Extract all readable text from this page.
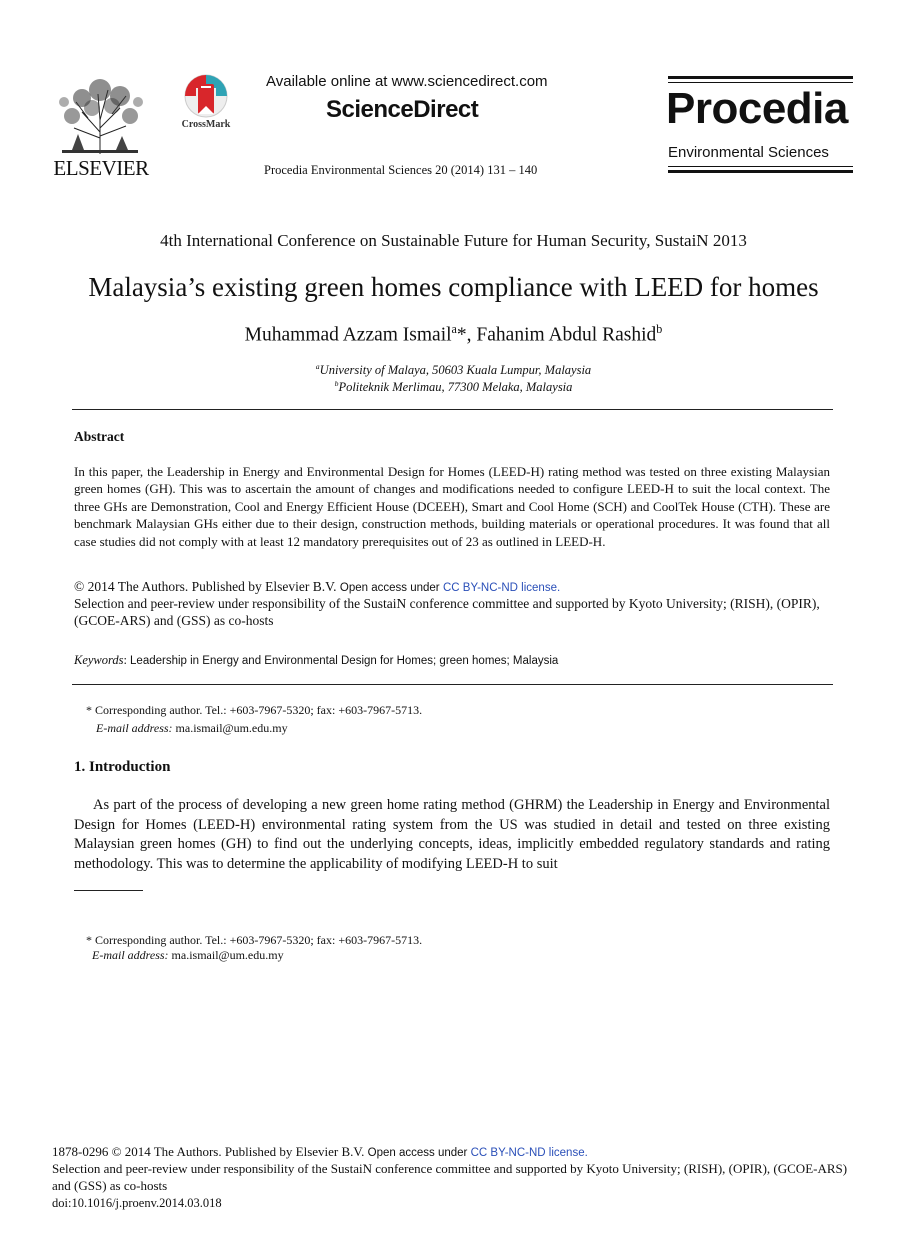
ELSEVIER
CrossMark
Available online at www.sciencedirect.com
ScienceDirect
Procedia Environmental Sciences 20 (2014) 131 – 140
Procedia
Environmental Sciences
4th International Conference on Sustainable Future for Human Security, SustaiN 2013
Malaysia’s existing green homes compliance with LEED for homes
Muhammad Azzam Ismail$^a$*, Fahanim Abdul Rashid$^b$
$^a$University of Malaya, 50603 Kuala Lumpur, Malaysia
$^b$Politeknik Merlimau, 77300 Melaka, Malaysia
Abstract
In this paper, the Leadership in Energy and Environmental Design for Homes (LEED-H) rating method was tested on three existing Malaysian green homes (GH). This was to ascertain the amount of changes and modifications needed to configure LEED-H to suit the local context. The three GHs are Demonstration, Cool and Energy Efficient House (DCEEH), Smart and Cool Home (SCH) and CoolTek House (CTH). These are benchmark Malaysian GHs either due to their design, construction methods, building materials or operational procedures. It was found that all case studies did not comply with at least 12 mandatory prerequisites out of 23 as outlined in LEED-H.
© 2014 The Authors. Published by Elsevier B.V. Open access under CC BY-NC-ND license.
Selection and peer-review under responsibility of the SustaiN conference committee and supported by Kyoto University; (RISH), (OPIR), (GCOE-ARS) and (GSS) as co-hosts
Keywords: Leadership in Energy and Environmental Design for Homes; green homes; Malaysia
* Corresponding author. Tel.: +603-7967-5320; fax: +603-7967-5713.
E-mail address: ma.ismail@um.edu.my
1. Introduction
As part of the process of developing a new green home rating method (GHRM) the Leadership in Energy and Environmental Design for Homes (LEED-H) environmental rating system from the US was studied in detail and tested on three existing Malaysian green homes (GH) to find out the underlying concepts, ideas, implicitly embedded regulatory standards and rating methodology. This was to determine the applicability of modifying LEED-H to suit
* Corresponding author. Tel.: +603-7967-5320; fax: +603-7967-5713.
E-mail address: ma.ismail@um.edu.my
1878-0296 © 2014 The Authors. Published by Elsevier B.V. Open access under CC BY-NC-ND license.
Selection and peer-review under responsibility of the SustaiN conference committee and supported by Kyoto University; (RISH), (OPIR), (GCOE-ARS) and (GSS) as co-hosts
doi:10.1016/j.proenv.2014.03.018
